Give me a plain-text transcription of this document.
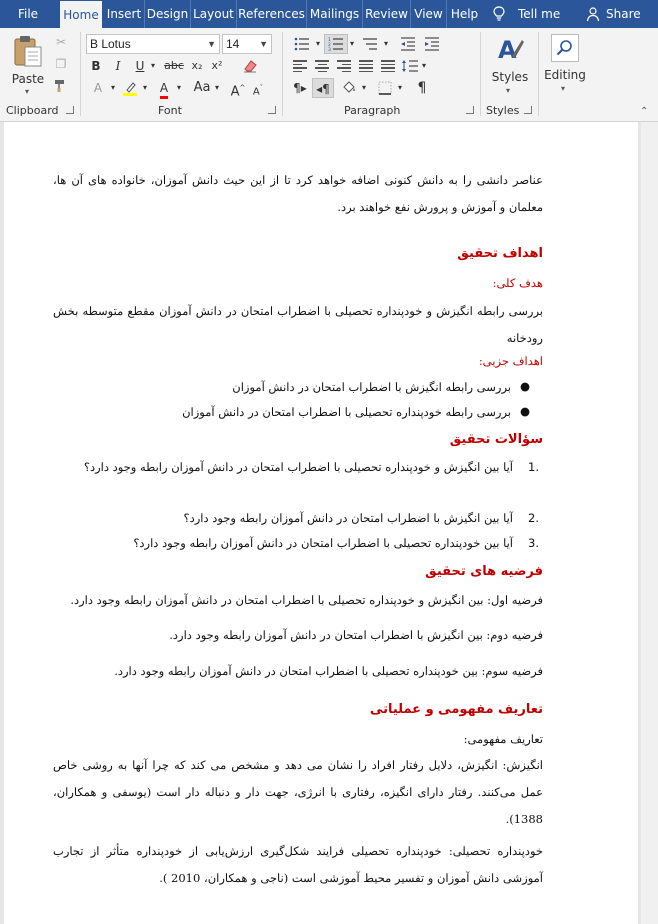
File	Home Insert Design Layout References Mailings Review View Help	Tell me	Share
Paste
▾
✂
❐
Clipboard
B Lotus	▼ 14 ▼
B	I	U ▾ abc x₂ x²
A	▾	▾	A	▾ Aa ▾ A^ $A^ˇ$
Font
▾	1
2
3
▾	▾
▾
¶▸ ◂¶	▾	▾	¶
Paragraph
A
Styles
▾
Styles
Editing
▾
⌃
عناصر دانشی را به دانش کنونی اضافه خواهد کرد تا از این حیث دانش آموزان، خانواده های آن ها، معلمان و آموزش و پرورش نفع خواهند برد.
اهداف تحقیق
هدف کلی:
بررسی رابطه انگیزش و خودپنداره تحصیلی با اضطراب امتحان در دانش آموزان مقطع متوسطه بخش رودخانه
اهداف جزیی:
●
بررسی رابطه انگیزش با اضطراب امتحان در دانش آموزان
●
بررسی رابطه خودپنداره تحصیلی با اضطراب امتحان در دانش آموزان
سؤالات تحقیق
1.
آیا بین انگیزش و خودپنداره تحصیلی با اضطراب امتحان در دانش آموزان رابطه وجود دارد؟
2.
آیا بین انگیزش با اضطراب امتحان در دانش آموزان رابطه وجود دارد؟
3.
آیا بین خودپنداره تحصیلی با اضطراب امتحان در دانش آموزان رابطه وجود دارد؟
فرضیه های تحقیق
فرضیه اول: بین انگیزش و خودپنداره تحصیلی با اضطراب امتحان در دانش آموزان رابطه وجود دارد.
فرضیه دوم: بین انگیزش با اضطراب امتحان در دانش آموزان رابطه وجود دارد.
فرضیه سوم: بین خودپنداره تحصیلی با اضطراب امتحان در دانش آموزان رابطه وجود دارد.
تعاریف مفهومی و عملیاتی
تعاریف مفهومی:
انگیزش: انگیزش، دلایل رفتار افراد را نشان می دهد و مشخص می کند که چرا آنها به روشی خاص عمل می‌کنند. رفتار دارای انگیزه، رفتاری با انرژی، جهت دار و دنباله دار است (یوسفی و همکاران، 1388).
خودپنداره تحصیلی: خودپنداره تحصیلی فرایند شکل‌گیری ارزش‌یابی از خودپنداره متأثر از تجارب آموزشی دانش آموزان و تفسیر محیط آموزشی است (ناجی و همکاران، 2010 ).
